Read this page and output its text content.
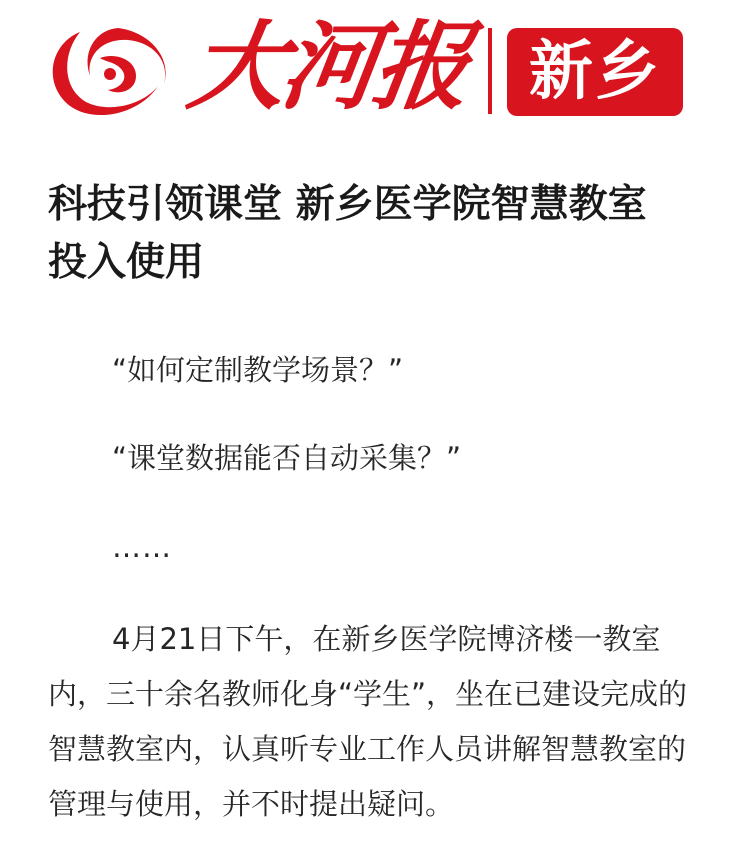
大河报 新乡
科技引领课堂 新乡医学院智慧教室投入使用

“如何定制教学场景？”

“课堂数据能否自动采集？”

……

4月21日下午，在新乡医学院博济楼一教室内，三十余名教师化身“学生”，坐在已建设完成的智慧教室内，认真听专业工作人员讲解智慧教室的管理与使用，并不时提出疑问。
